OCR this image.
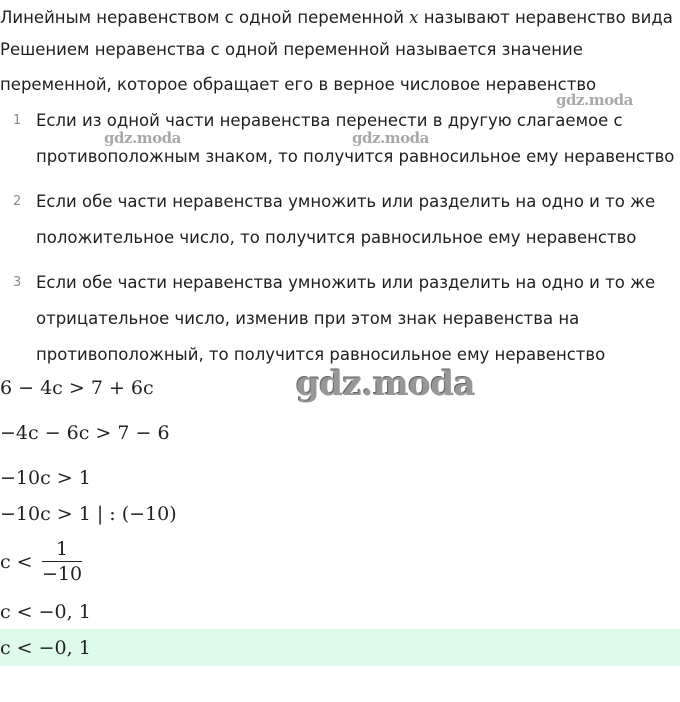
Линейным неравенством с одной переменной x называют неравенство вида
Решением неравенства с одной переменной называется значение
переменной, которое обращает его в верное числовое неравенство
1 Если из одной части неравенства перенести в другую слагаемое с
противоположным знаком, то получится равносильное ему неравенство
2 Если обе части неравенства умножить или разделить на одно и то же
положительное число, то получится равносильное ему неравенство
3 Если обе части неравенства умножить или разделить на одно и то же
отрицательное число, изменив при этом знак неравенства на
противоположный, то получится равносильное ему неравенство
6 − 4c > 7 + 6c
−4c − 6c > 7 − 6
−10c > 1
−10c > 1 | : (−10)
c <
1
−10
c < −0, 1
c < −0, 1
gdz.moda
gdz.moda	gdz.moda
gdz.moda
